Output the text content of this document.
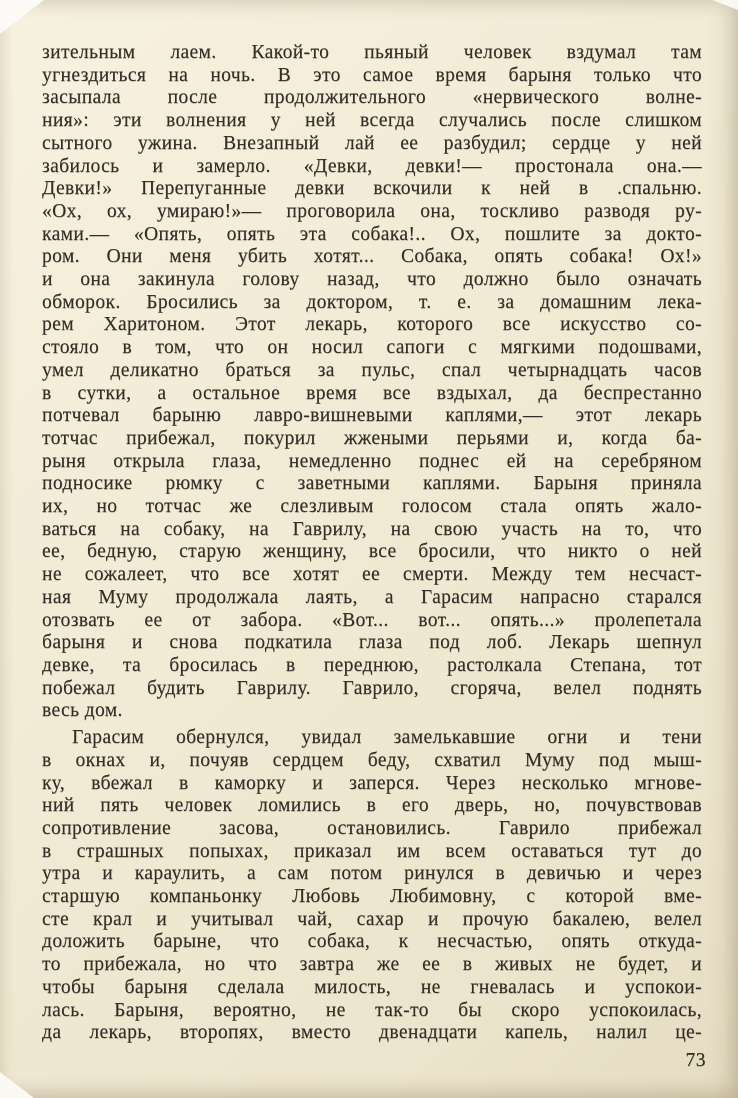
зительным лаем. Какой-то пьяный человек вздумал там
угнездиться на ночь. В это самое время барыня только что
засыпала после продолжительного «нервического волне-
ния»: эти волнения у ней всегда случались после слишком
сытного ужина. Внезапный лай ее разбудил; сердце у ней
забилось и замерло. «Девки, девки!— простонала она.—
Девки!» Перепуганные девки вскочили к ней в .спальню.
«Ох, ох, умираю!»— проговорила она, тоскливо разводя ру-
ками.— «Опять, опять эта собака!.. Ох, пошлите за докто-
ром. Они меня убить хотят... Собака, опять собака! Ох!»
и она закинула голову назад, что должно было означать
обморок. Бросились за доктором, т. е. за домашним лека-
рем Харитоном. Этот лекарь, которого все искусство со-
стояло в том, что он носил сапоги с мягкими подошвами,
умел деликатно браться за пульс, спал четырнадцать часов
в сутки, а остальное время все вздыхал, да беспрестанно
потчевал барыню лавро-вишневыми каплями,— этот лекарь
тотчас прибежал, покурил жжеными перьями и, когда ба-
рыня открыла глаза, немедленно поднес ей на серебряном
подносике рюмку с заветными каплями. Барыня приняла
их, но тотчас же слезливым голосом стала опять жало-
ваться на собаку, на Гаврилу, на свою участь на то, что
ее, бедную, старую женщину, все бросили, что никто о ней
не сожалеет, что все хотят ее смерти. Между тем несчаст-
ная Муму продолжала лаять, а Гарасим напрасно старался
отозвать ее от забора. «Вот... вот... опять...» пролепетала
барыня и снова подкатила глаза под лоб. Лекарь шепнул
девке, та бросилась в переднюю, растолкала Степана, тот
побежал будить Гаврилу. Гаврило, сгоряча, велел поднять
весь дом.
Гарасим обернулся, увидал замелькавшие огни и тени
в окнах и, почуяв сердцем беду, схватил Муму под мыш-
ку, вбежал в каморку и заперся. Через несколько мгнове-
ний пять человек ломились в его дверь, но, почувствовав
сопротивление засова, остановились. Гаврило прибежал
в страшных попыхах, приказал им всем оставаться тут до
утра и караулить, а сам потом ринулся в девичью и через
старшую компаньонку Любовь Любимовну, с которой вме-
сте крал и учитывал чай, сахар и прочую бакалею, велел
доложить барыне, что собака, к несчастью, опять откуда-
то прибежала, но что завтра же ее в живых не будет, и
чтобы барыня сделала милость, не гневалась и успокои-
лась. Барыня, вероятно, не так-то бы скоро успокоилась,
да лекарь, второпях, вместо двенадцати капель, налил це-
73
